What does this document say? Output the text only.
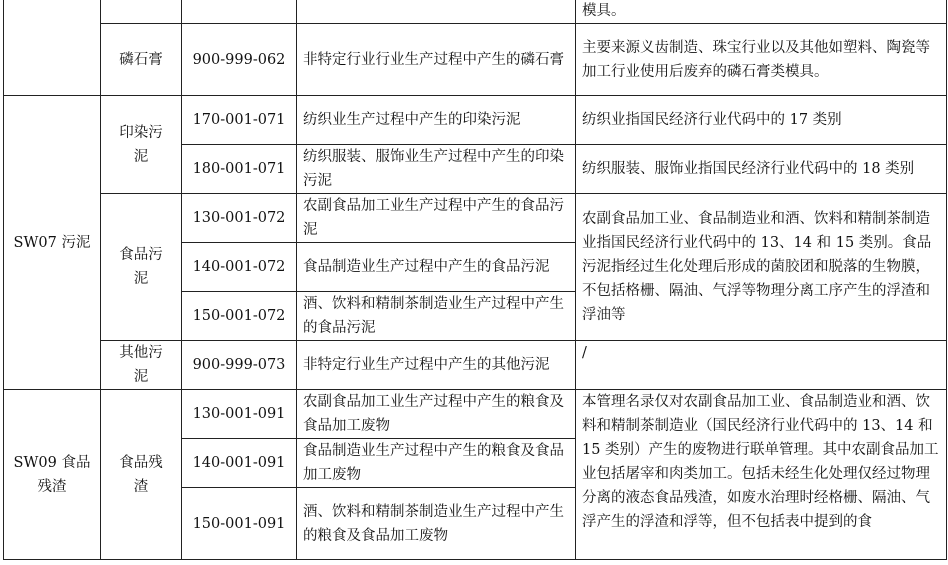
				模具。
	磷石膏	900-999-062	非特定行业行业生产过程中产生的磷石膏	主要来源义齿制造、珠宝行业以及其他如塑料、陶瓷等加工行业使用后废弃的磷石膏类模具。
SW07 污泥	印染污泥	170-001-071	纺织业生产过程中产生的印染污泥	纺织业指国民经济行业代码中的 17 类别
		180-001-071	纺织服装、服饰业生产过程中产生的印染污泥	纺织服装、服饰业指国民经济行业代码中的 18 类别
	食品污泥	130-001-072	农副食品加工业生产过程中产生的食品污泥	农副食品加工业、食品制造业和酒、饮料和精制茶制造业指国民经济行业代码中的 13、14 和 15 类别。食品污泥指经过生化处理后形成的菌胶团和脱落的生物膜，不包括格栅、隔油、气浮等物理分离工序产生的浮渣和浮油等
		140-001-072	食品制造业生产过程中产生的食品污泥	
		150-001-072	酒、饮料和精制茶制造业生产过程中产生的食品污泥	
	其他污泥	900-999-073	非特定行业生产过程中产生的其他污泥	/
SW09 食品残渣	食品残渣	130-001-091	农副食品加工业生产过程中产生的粮食及食品加工废物	本管理名录仅对农副食品加工业、食品制造业和酒、饮料和精制茶制造业（国民经济行业代码中的 13、14 和 15 类别）产生的废物进行联单管理。其中农副食品加工业包括屠宰和肉类加工。包括未经生化处理仅经过物理分离的液态食品残渣，如废水治理时经格栅、隔油、气浮产生的浮渣和浮等，但不包括表中提到的食
		140-001-091	食品制造业生产过程中产生的粮食及食品加工废物	
		150-001-091	酒、饮料和精制茶制造业生产过程中产生的粮食及食品加工废物	
